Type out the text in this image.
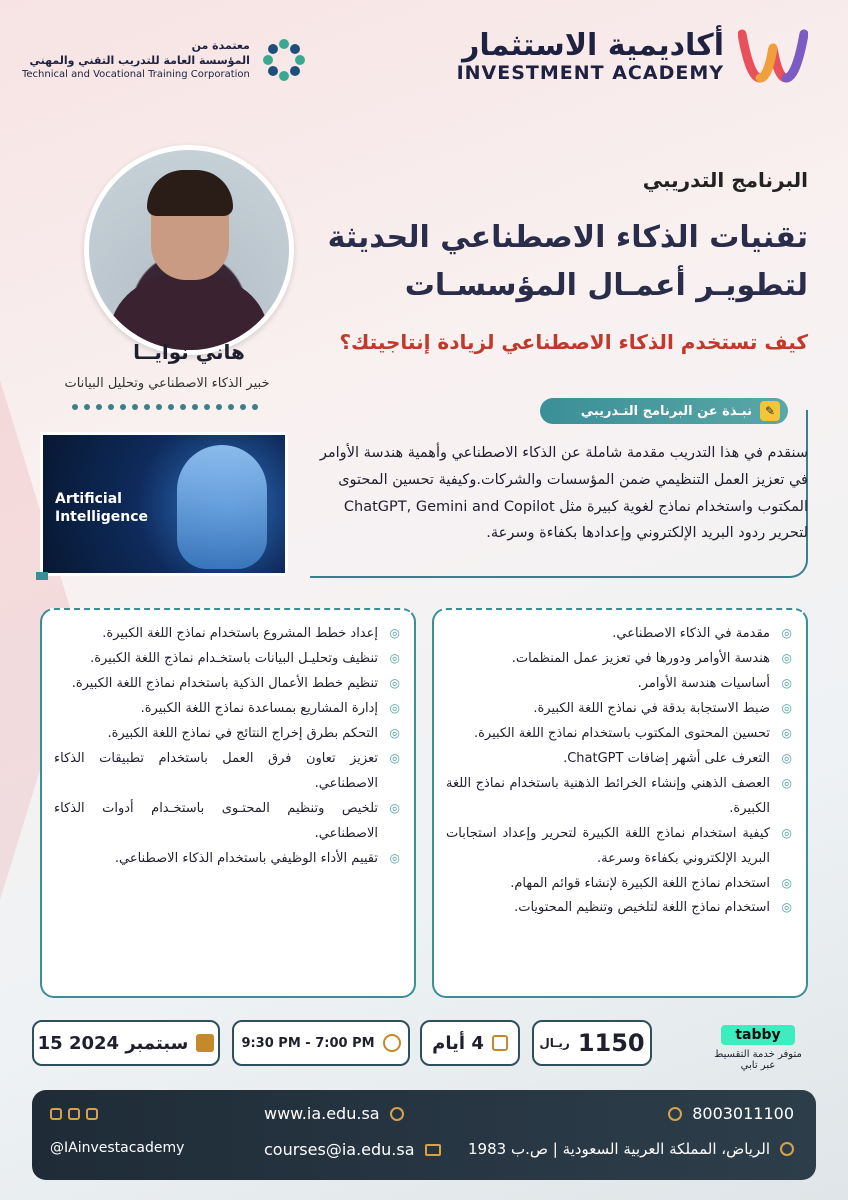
أكاديمية الاستثمار
INVESTMENT ACADEMY
معتمدة من
المؤسسة العامة للتدريب التقني والمهني
Technical and Vocational Training Corporation
البرنامج التدريبي
تقنيات الذكاء الاصطناعي الحديثة
لتطويـر أعمـال المؤسسـات
كيف تستخدم الذكاء الاصطناعي لزيادة إنتاجيتك؟
هاني نوايــا
خبير الذكاء الاصطناعي وتحليل البيانات
✎
نبـذة عن البرنامج التـدريبي
Artificial
Intelligence
سنقدم في هذا التدريب مقدمة شاملة عن الذكاء الاصطناعي وأهمية هندسة الأوامر في تعزيز العمل التنظيمي ضمن المؤسسات والشركات.وكيفية تحسين المحتوى المكتوب واستخدام نماذج لغوية كبيرة مثل ChatGPT, Gemini and Copilot لتحرير ردود البريد الإلكتروني وإعدادها بكفاءة وسرعة.
◎ مقدمة في الذكاء الاصطناعي.
◎ هندسة الأوامر ودورها في تعزيز عمل المنظمات.
◎ أساسيات هندسة الأوامر.
◎ ضبط الاستجابة بدقة في نماذج اللغة الكبيرة.
◎ تحسين المحتوى المكتوب باستخدام نماذج اللغة الكبيرة.
◎ التعرف على أشهر إضافات ChatGPT.
◎ العصف الذهني وإنشاء الخرائط الذهنية باستخدام نماذج اللغة الكبيرة.
◎ كيفية استخدام نماذج اللغة الكبيرة لتحرير وإعداد استجابات البريد الإلكتروني بكفاءة وسرعة.
◎ استخدام نماذج اللغة الكبيرة لإنشاء قوائم المهام.
◎ استخدام نماذج اللغة لتلخيص وتنظيم المحتويات.
◎ إعداد خطط المشروع باستخدام نماذج اللغة الكبيرة.
◎ تنظيف وتحليـل البيانات باستخـدام نماذج اللغة الكبيرة.
◎ تنظيم خطط الأعمال الذكية باستخدام نماذج اللغة الكبيرة.
◎ إدارة المشاريع بمساعدة نماذج اللغة الكبيرة.
◎ التحكم بطرق إخراج النتائج في نماذج اللغة الكبيرة.
◎ تعزيز تعاون فرق العمل باستخدام تطبيقات الذكاء الاصطناعي.
◎ تلخيص وتنظيم المحتـوى باستخـدام أدوات الذكاء الاصطناعي.
◎ تقييم الأداء الوظيفي باستخدام الذكاء الاصطناعي.
tabby
متوفر خدمة التقسيط عبر تابي
1150
ريـال
4 أيام
9:30 PM - 7:00 PM
15 سبتمبر 2024
8003011100
الرياض، المملكة العربية السعودية | ص.ب 1983
www.ia.edu.sa
courses@ia.edu.sa
@IAinvestacademy
